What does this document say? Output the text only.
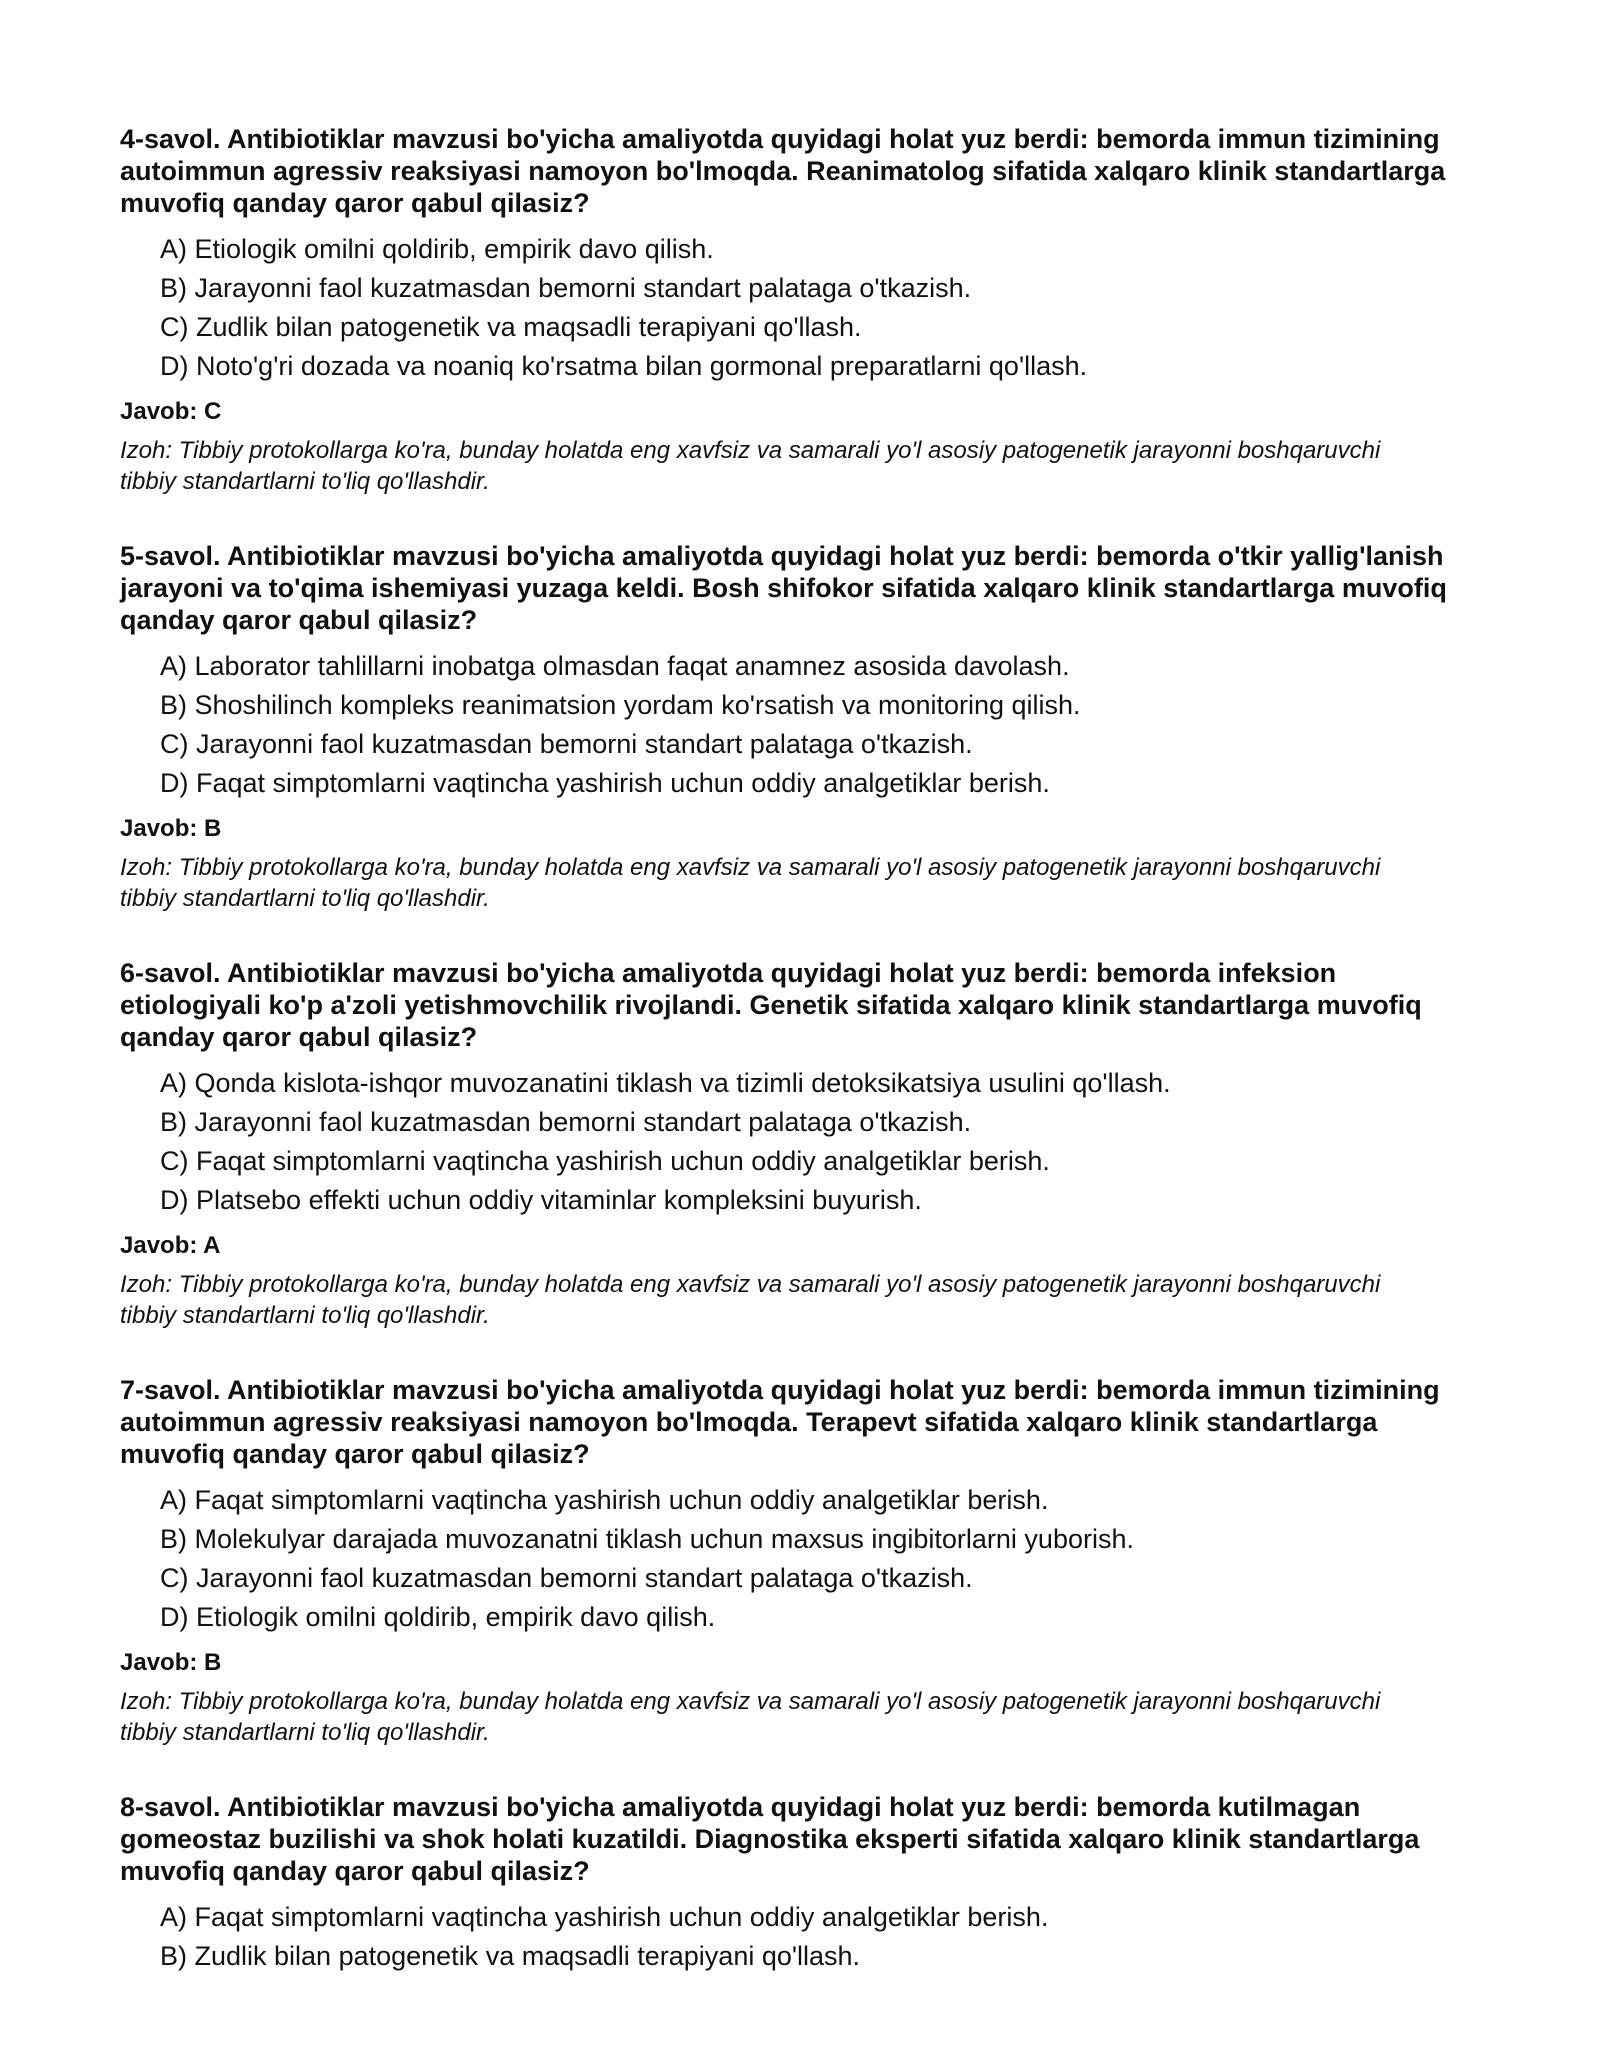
4-savol. Antibiotiklar mavzusi bo'yicha amaliyotda quyidagi holat yuz berdi: bemorda immun tizimining autoimmun agressiv reaksiyasi namoyon bo'lmoqda. Reanimatolog sifatida xalqaro klinik standartlarga muvofiq qanday qaror qabul qilasiz?

A) Etiologik omilni qoldirib, empirik davo qilish.
B) Jarayonni faol kuzatmasdan bemorni standart palataga o'tkazish.
C) Zudlik bilan patogenetik va maqsadli terapiyani qo'llash.
D) Noto'g'ri dozada va noaniq ko'rsatma bilan gormonal preparatlarni qo'llash.

Javob: C

Izoh: Tibbiy protokollarga ko'ra, bunday holatda eng xavfsiz va samarali yo'l asosiy patogenetik jarayonni boshqaruvchi tibbiy standartlarni to'liq qo'llashdir.

5-savol. Antibiotiklar mavzusi bo'yicha amaliyotda quyidagi holat yuz berdi: bemorda o'tkir yallig'lanish jarayoni va to'qima ishemiyasi yuzaga keldi. Bosh shifokor sifatida xalqaro klinik standartlarga muvofiq qanday qaror qabul qilasiz?

A) Laborator tahlillarni inobatga olmasdan faqat anamnez asosida davolash.
B) Shoshilinch kompleks reanimatsion yordam ko'rsatish va monitoring qilish.
C) Jarayonni faol kuzatmasdan bemorni standart palataga o'tkazish.
D) Faqat simptomlarni vaqtincha yashirish uchun oddiy analgetiklar berish.

Javob: B

Izoh: Tibbiy protokollarga ko'ra, bunday holatda eng xavfsiz va samarali yo'l asosiy patogenetik jarayonni boshqaruvchi tibbiy standartlarni to'liq qo'llashdir.

6-savol. Antibiotiklar mavzusi bo'yicha amaliyotda quyidagi holat yuz berdi: bemorda infeksion etiologiyali ko'p a'zoli yetishmovchilik rivojlandi. Genetik sifatida xalqaro klinik standartlarga muvofiq qanday qaror qabul qilasiz?

A) Qonda kislota-ishqor muvozanatini tiklash va tizimli detoksikatsiya usulini qo'llash.
B) Jarayonni faol kuzatmasdan bemorni standart palataga o'tkazish.
C) Faqat simptomlarni vaqtincha yashirish uchun oddiy analgetiklar berish.
D) Platsebo effekti uchun oddiy vitaminlar kompleksini buyurish.

Javob: A

Izoh: Tibbiy protokollarga ko'ra, bunday holatda eng xavfsiz va samarali yo'l asosiy patogenetik jarayonni boshqaruvchi tibbiy standartlarni to'liq qo'llashdir.

7-savol. Antibiotiklar mavzusi bo'yicha amaliyotda quyidagi holat yuz berdi: bemorda immun tizimining autoimmun agressiv reaksiyasi namoyon bo'lmoqda. Terapevt sifatida xalqaro klinik standartlarga muvofiq qanday qaror qabul qilasiz?

A) Faqat simptomlarni vaqtincha yashirish uchun oddiy analgetiklar berish.
B) Molekulyar darajada muvozanatni tiklash uchun maxsus ingibitorlarni yuborish.
C) Jarayonni faol kuzatmasdan bemorni standart palataga o'tkazish.
D) Etiologik omilni qoldirib, empirik davo qilish.

Javob: B

Izoh: Tibbiy protokollarga ko'ra, bunday holatda eng xavfsiz va samarali yo'l asosiy patogenetik jarayonni boshqaruvchi tibbiy standartlarni to'liq qo'llashdir.

8-savol. Antibiotiklar mavzusi bo'yicha amaliyotda quyidagi holat yuz berdi: bemorda kutilmagan gomeostaz buzilishi va shok holati kuzatildi. Diagnostika eksperti sifatida xalqaro klinik standartlarga muvofiq qanday qaror qabul qilasiz?

A) Faqat simptomlarni vaqtincha yashirish uchun oddiy analgetiklar berish.
B) Zudlik bilan patogenetik va maqsadli terapiyani qo'llash.
